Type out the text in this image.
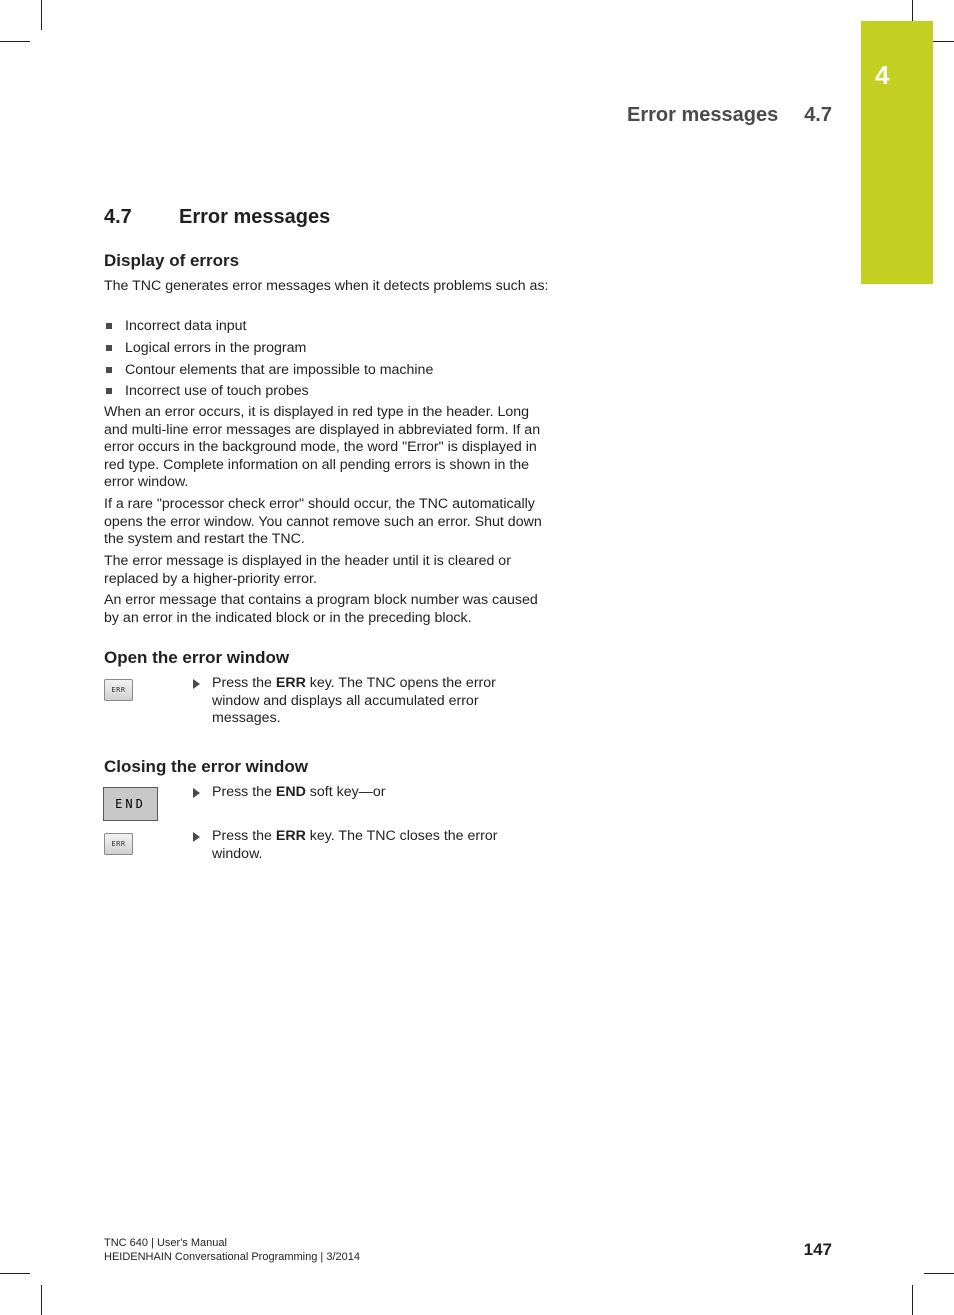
4
Error messages 4.7
4.7 Error messages
Display of errors
The TNC generates error messages when it detects problems such as:
Incorrect data input
Logical errors in the program
Contour elements that are impossible to machine
Incorrect use of touch probes
When an error occurs, it is displayed in red type in the header. Long and multi-line error messages are displayed in abbreviated form. If an error occurs in the background mode, the word "Error" is displayed in red type. Complete information on all pending errors is shown in the error window.
If a rare "processor check error" should occur, the TNC automatically opens the error window. You cannot remove such an error. Shut down the system and restart the TNC.
The error message is displayed in the header until it is cleared or replaced by a higher-priority error.
An error message that contains a program block number was caused by an error in the indicated block or in the preceding block.
Open the error window
ERR	Press the ERR key. The TNC opens the error window and displays all accumulated error messages.
Closing the error window
END
Press the END soft key—or
ERR	Press the ERR key. The TNC closes the error window.
TNC 640 | User's Manual
HEIDENHAIN Conversational Programming | 3/2014	147
